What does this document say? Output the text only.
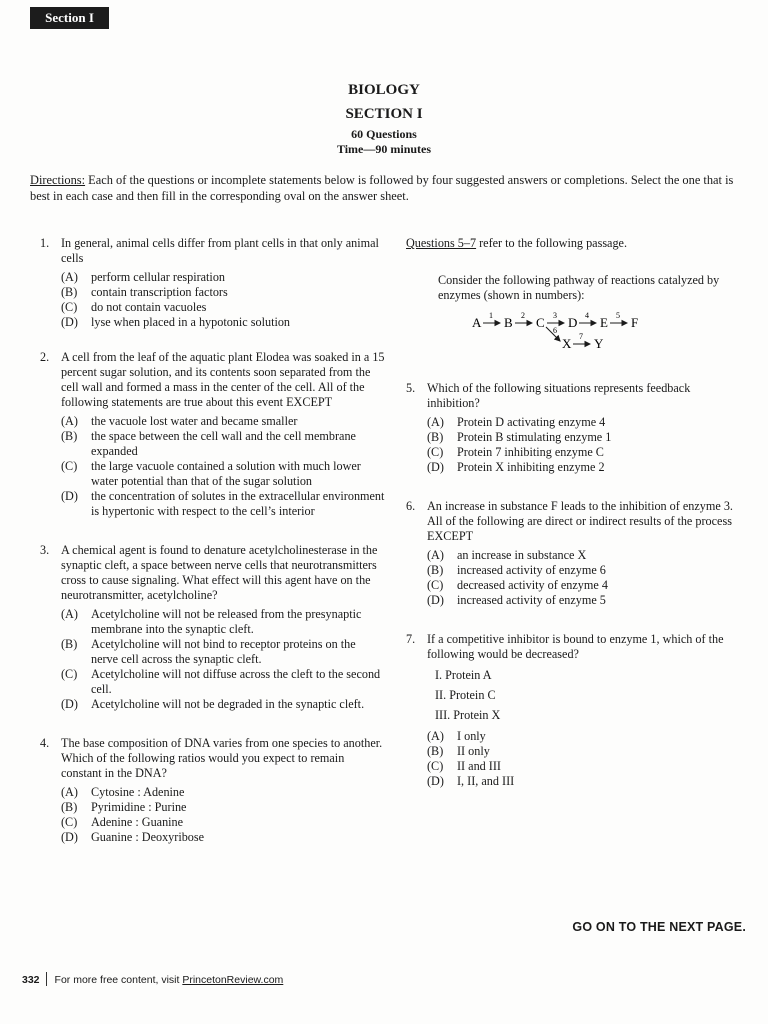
Section I
BIOLOGY
SECTION I
60 Questions
Time—90 minutes
Directions: Each of the questions or incomplete statements below is followed by four suggested answers or completions. Select the one that is best in each case and then fill in the corresponding oval on the answer sheet.
1. In general, animal cells differ from plant cells in that only animal cells
(A) perform cellular respiration
(B) contain transcription factors
(C) do not contain vacuoles
(D) lyse when placed in a hypotonic solution
2. A cell from the leaf of the aquatic plant Elodea was soaked in a 15 percent sugar solution, and its contents soon separated from the cell wall and formed a mass in the center of the cell. All of the following statements are true about this event EXCEPT
(A) the vacuole lost water and became smaller
(B) the space between the cell wall and the cell membrane expanded
(C) the large vacuole contained a solution with much lower water potential than that of the sugar solution
(D) the concentration of solutes in the extracellular environment is hypertonic with respect to the cell’s interior
3. A chemical agent is found to denature acetylcholinesterase in the synaptic cleft, a space between nerve cells that neurotransmitters cross to cause signaling. What effect will this agent have on the neurotransmitter, acetylcholine?
(A) Acetylcholine will not be released from the presynaptic membrane into the synaptic cleft.
(B) Acetylcholine will not bind to receptor proteins on the nerve cell across the synaptic cleft.
(C) Acetylcholine will not diffuse across the cleft to the second cell.
(D) Acetylcholine will not be degraded in the synaptic cleft.
4. The base composition of DNA varies from one species to another. Which of the following ratios would you expect to remain constant in the DNA?
(A) Cytosine : Adenine
(B) Pyrimidine : Purine
(C) Adenine : Guanine
(D) Guanine : Deoxyribose
Questions 5–7 refer to the following passage.
Consider the following pathway of reactions catalyzed by enzymes (shown in numbers):
A 1 B 2 C 3 D 4 E 5 F
6
X 7 Y
5. Which of the following situations represents feedback inhibition?
(A) Protein D activating enzyme 4
(B) Protein B stimulating enzyme 1
(C) Protein 7 inhibiting enzyme C
(D) Protein X inhibiting enzyme 2
6. An increase in substance F leads to the inhibition of enzyme 3. All of the following are direct or indirect results of the process EXCEPT
(A) an increase in substance X
(B) increased activity of enzyme 6
(C) decreased activity of enzyme 4
(D) increased activity of enzyme 5
7. If a competitive inhibitor is bound to enzyme 1, which of the following would be decreased?
I. Protein A
II. Protein C
III. Protein X
(A) I only
(B) II only
(C) II and III
(D) I, II, and III
GO ON TO THE NEXT PAGE.
332 For more free content, visit PrincetonReview.com
